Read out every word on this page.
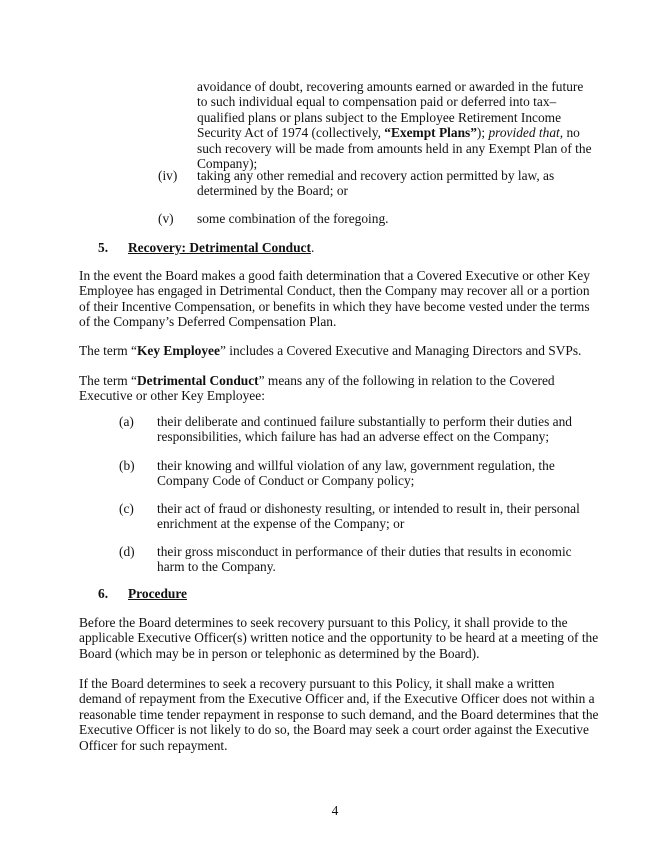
avoidance of doubt, recovering amounts earned or awarded in the future to such individual equal to compensation paid or deferred into tax–qualified plans or plans subject to the Employee Retirement Income Security Act of 1974 (collectively, “Exempt Plans”); provided that, no such recovery will be made from amounts held in any Exempt Plan of the Company);

(iv)	taking any other remedial and recovery action permitted by law, as determined by the Board; or
(v)	some combination of the foregoing.
5.	Recovery: Detrimental Conduct.

In the event the Board makes a good faith determination that a Covered Executive or other Key Employee has engaged in Detrimental Conduct, then the Company may recover all or a portion of their Incentive Compensation, or benefits in which they have become vested under the terms of the Company’s Deferred Compensation Plan.

The term “Key Employee” includes a Covered Executive and Managing Directors and SVPs.

The term “Detrimental Conduct” means any of the following in relation to the Covered Executive or other Key Employee:

(a)	their deliberate and continued failure substantially to perform their duties and responsibilities, which failure has had an adverse effect on the Company;
(b)	their knowing and willful violation of any law, government regulation, the Company Code of Conduct or Company policy;
(c)	their act of fraud or dishonesty resulting, or intended to result in, their personal enrichment at the expense of the Company; or
(d)	their gross misconduct in performance of their duties that results in economic harm to the Company.
6.	Procedure

Before the Board determines to seek recovery pursuant to this Policy, it shall provide to the applicable Executive Officer(s) written notice and the opportunity to be heard at a meeting of the Board (which may be in person or telephonic as determined by the Board).

If the Board determines to seek a recovery pursuant to this Policy, it shall make a written demand of repayment from the Executive Officer and, if the Executive Officer does not within a reasonable time tender repayment in response to such demand, and the Board determines that the Executive Officer is not likely to do so, the Board may seek a court order against the Executive Officer for such repayment.

4
